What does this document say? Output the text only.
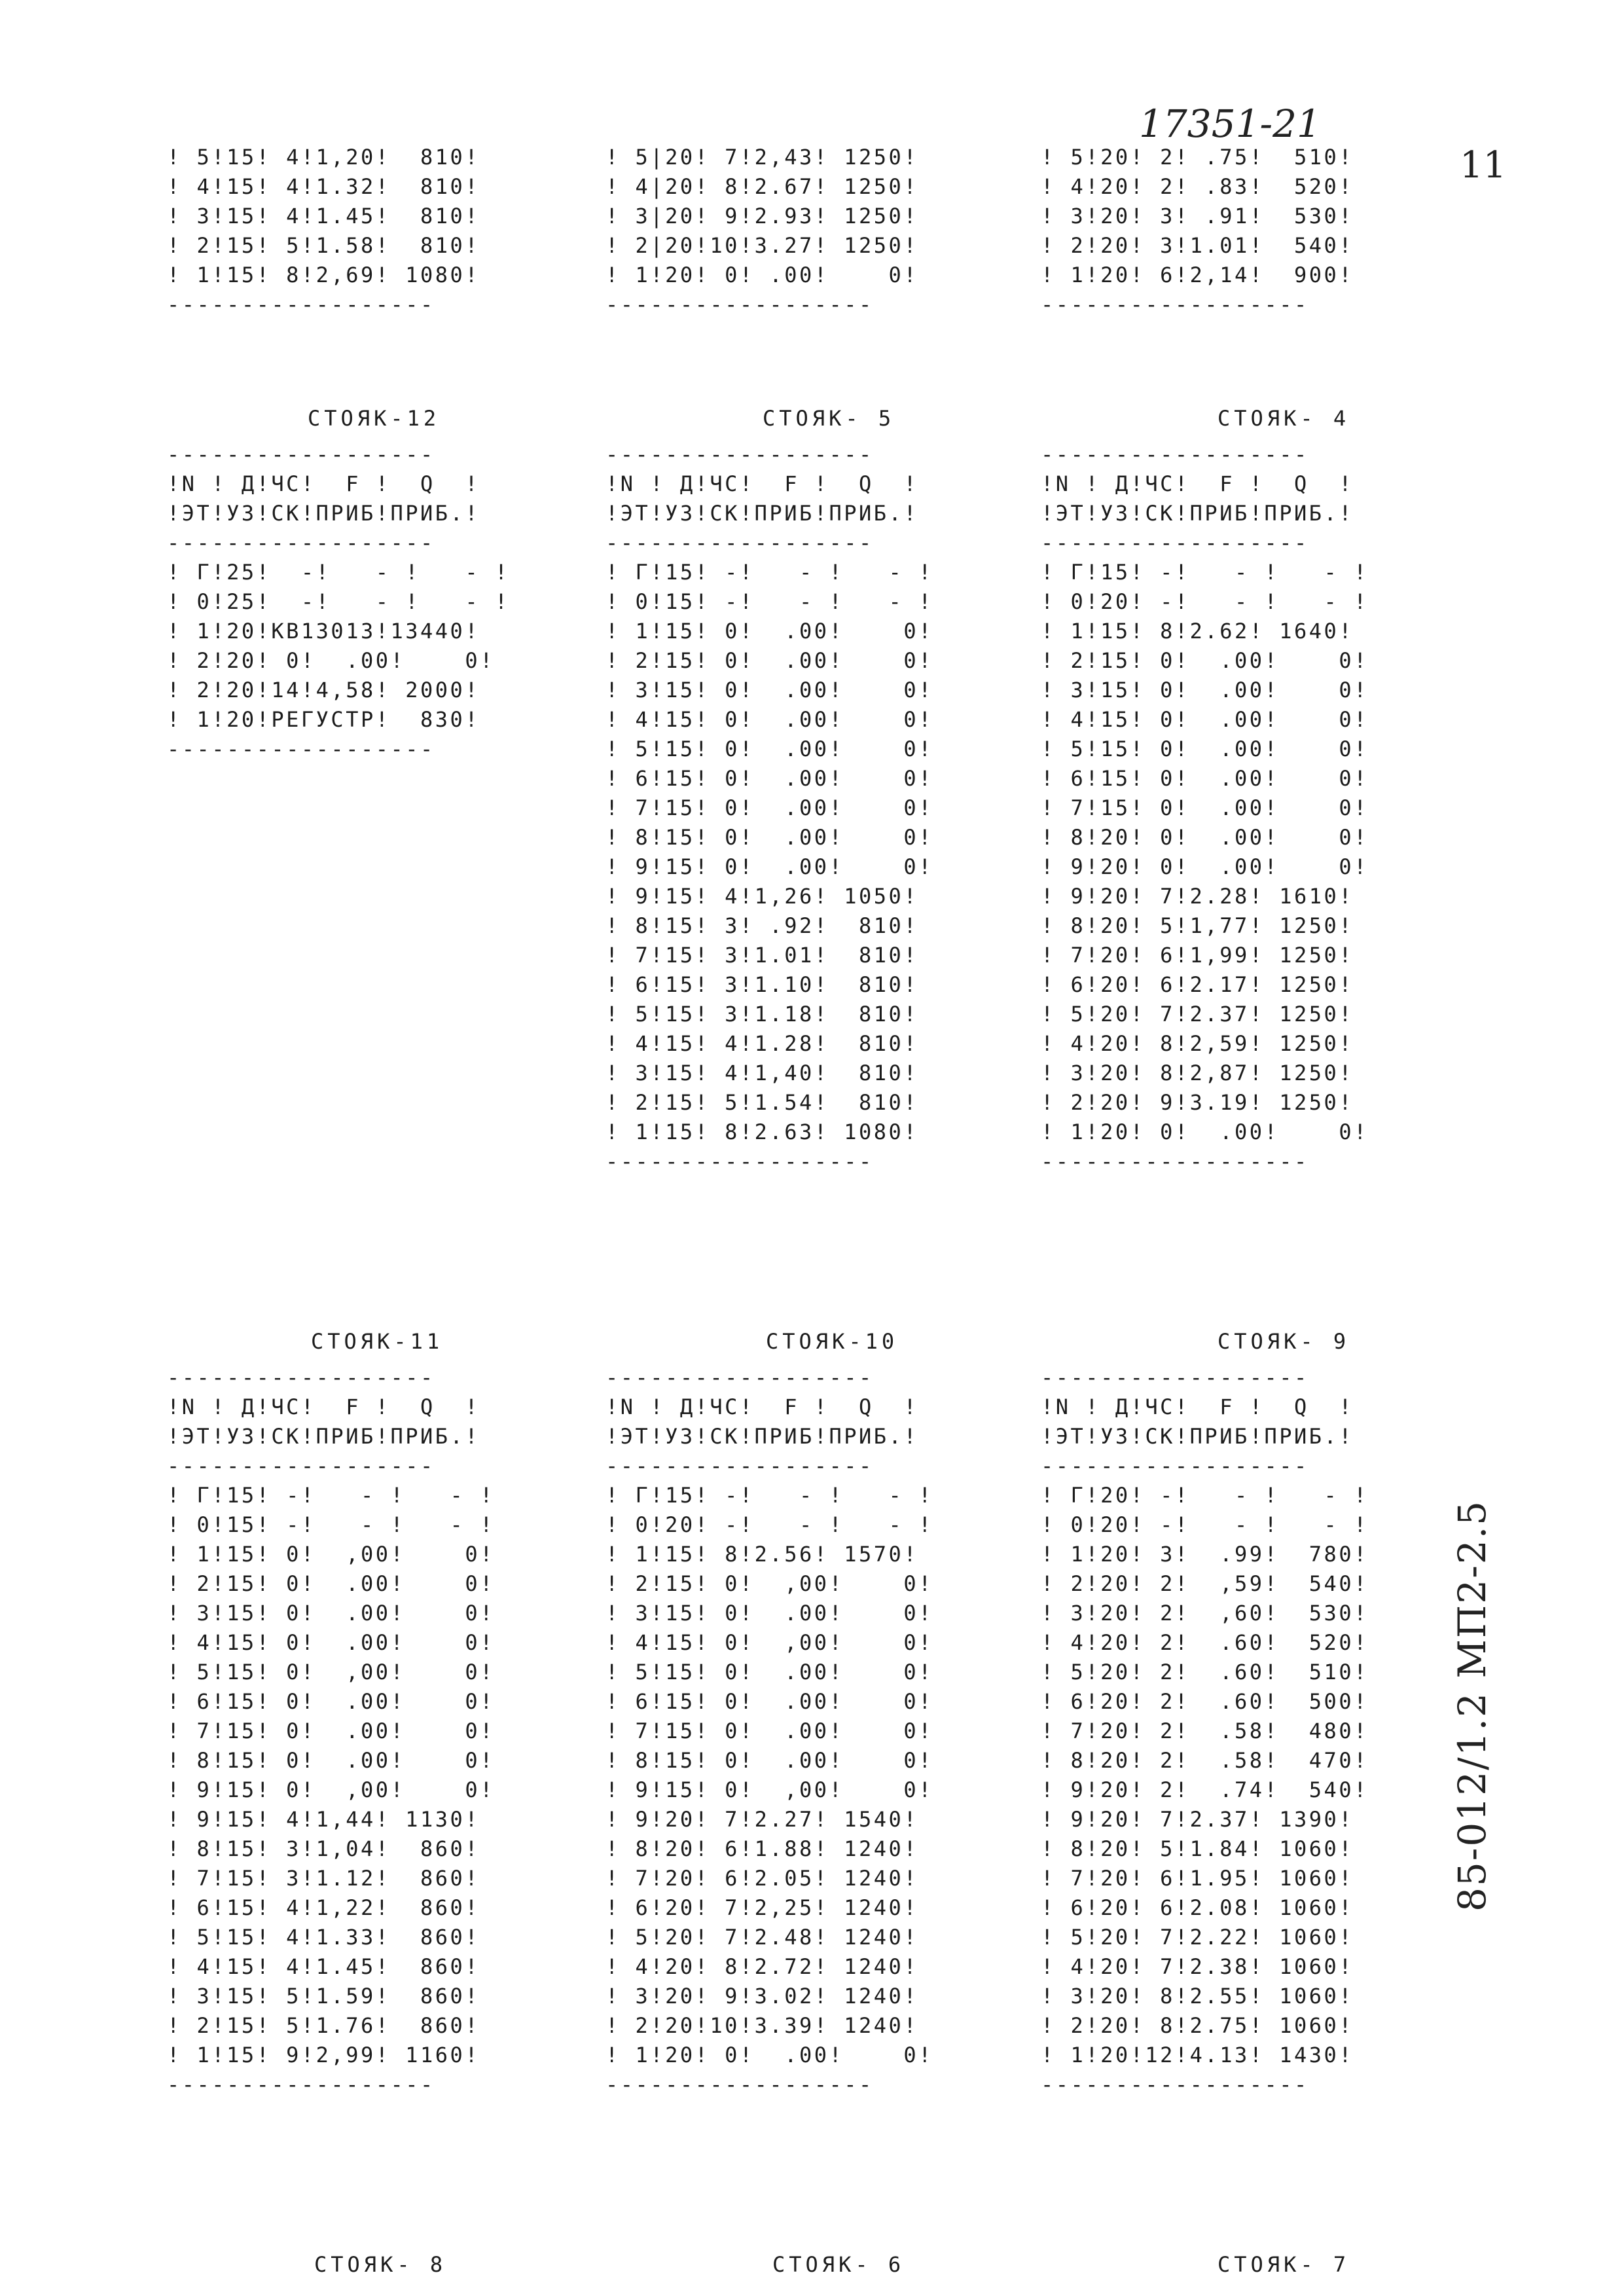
17351-21
11
85-012/1.2 МП2-2.5
! 5!15! 4!1,20!  810!
! 4!15! 4!1.32!  810!
! 3!15! 4!1.45!  810!
! 2!15! 5!1.58!  810!
! 1!15! 8!2,69! 1080!
------------------
! 5|20! 7!2,43! 1250!
! 4|20! 8!2.67! 1250!
! 3|20! 9!2.93! 1250!
! 2|20!10!3.27! 1250!
! 1!20! 0! .00!    0!
------------------
! 5!20! 2! .75!  510!
! 4!20! 2! .83!  520!
! 3!20! 3! .91!  530!
! 2!20! 3!1.01!  540!
! 1!20! 6!2,14!  900!
------------------
СТОЯК-12	СТОЯК- 5	СТОЯК- 4
------------------
!N ! Д!ЧС!  F !  Q  !
!ЭТ!УЗ!СК!ПРИБ!ПРИБ.!
------------------
! Г!25!  -!   - !   - !
! 0!25!  -!   - !   - !
! 1!20!КВ13013!13440!
! 2!20! 0!  .00!    0!
! 2!20!14!4,58! 2000!
! 1!20!РЕГУСТР!  830!
------------------
------------------
!N ! Д!ЧС!  F !  Q  !
!ЭТ!УЗ!СК!ПРИБ!ПРИБ.!
------------------
! Г!15! -!   - !   - !
! 0!15! -!   - !   - !
! 1!15! 0!  .00!    0!
! 2!15! 0!  .00!    0!
! 3!15! 0!  .00!    0!
! 4!15! 0!  .00!    0!
! 5!15! 0!  .00!    0!
! 6!15! 0!  .00!    0!
! 7!15! 0!  .00!    0!
! 8!15! 0!  .00!    0!
! 9!15! 0!  .00!    0!
! 9!15! 4!1,26! 1050!
! 8!15! 3! .92!  810!
! 7!15! 3!1.01!  810!
! 6!15! 3!1.10!  810!
! 5!15! 3!1.18!  810!
! 4!15! 4!1.28!  810!
! 3!15! 4!1,40!  810!
! 2!15! 5!1.54!  810!
! 1!15! 8!2.63! 1080!
------------------
------------------
!N ! Д!ЧС!  F !  Q  !
!ЭТ!УЗ!СК!ПРИБ!ПРИБ.!
------------------
! Г!15! -!   - !   - !
! 0!20! -!   - !   - !
! 1!15! 8!2.62! 1640!
! 2!15! 0!  .00!    0!
! 3!15! 0!  .00!    0!
! 4!15! 0!  .00!    0!
! 5!15! 0!  .00!    0!
! 6!15! 0!  .00!    0!
! 7!15! 0!  .00!    0!
! 8!20! 0!  .00!    0!
! 9!20! 0!  .00!    0!
! 9!20! 7!2.28! 1610!
! 8!20! 5!1,77! 1250!
! 7!20! 6!1,99! 1250!
! 6!20! 6!2.17! 1250!
! 5!20! 7!2.37! 1250!
! 4!20! 8!2,59! 1250!
! 3!20! 8!2,87! 1250!
! 2!20! 9!3.19! 1250!
! 1!20! 0!  .00!    0!
------------------
СТОЯК-11	СТОЯК-10	СТОЯК- 9
------------------
!N ! Д!ЧС!  F !  Q  !
!ЭТ!УЗ!СК!ПРИБ!ПРИБ.!
------------------
! Г!15! -!   - !   - !
! 0!15! -!   - !   - !
! 1!15! 0!  ,00!    0!
! 2!15! 0!  .00!    0!
! 3!15! 0!  .00!    0!
! 4!15! 0!  .00!    0!
! 5!15! 0!  ,00!    0!
! 6!15! 0!  .00!    0!
! 7!15! 0!  .00!    0!
! 8!15! 0!  .00!    0!
! 9!15! 0!  ,00!    0!
! 9!15! 4!1,44! 1130!
! 8!15! 3!1,04!  860!
! 7!15! 3!1.12!  860!
! 6!15! 4!1,22!  860!
! 5!15! 4!1.33!  860!
! 4!15! 4!1.45!  860!
! 3!15! 5!1.59!  860!
! 2!15! 5!1.76!  860!
! 1!15! 9!2,99! 1160!
------------------
------------------
!N ! Д!ЧС!  F !  Q  !
!ЭТ!УЗ!СК!ПРИБ!ПРИБ.!
------------------
! Г!15! -!   - !   - !
! 0!20! -!   - !   - !
! 1!15! 8!2.56! 1570!
! 2!15! 0!  ,00!    0!
! 3!15! 0!  .00!    0!
! 4!15! 0!  ,00!    0!
! 5!15! 0!  .00!    0!
! 6!15! 0!  .00!    0!
! 7!15! 0!  .00!    0!
! 8!15! 0!  .00!    0!
! 9!15! 0!  ,00!    0!
! 9!20! 7!2.27! 1540!
! 8!20! 6!1.88! 1240!
! 7!20! 6!2.05! 1240!
! 6!20! 7!2,25! 1240!
! 5!20! 7!2.48! 1240!
! 4!20! 8!2.72! 1240!
! 3!20! 9!3.02! 1240!
! 2!20!10!3.39! 1240!
! 1!20! 0!  .00!    0!
------------------
------------------
!N ! Д!ЧС!  F !  Q  !
!ЭТ!УЗ!СК!ПРИБ!ПРИБ.!
------------------
! Г!20! -!   - !   - !
! 0!20! -!   - !   - !
! 1!20! 3!  .99!  780!
! 2!20! 2!  ,59!  540!
! 3!20! 2!  ,60!  530!
! 4!20! 2!  .60!  520!
! 5!20! 2!  .60!  510!
! 6!20! 2!  .60!  500!
! 7!20! 2!  .58!  480!
! 8!20! 2!  .58!  470!
! 9!20! 2!  .74!  540!
! 9!20! 7!2.37! 1390!
! 8!20! 5!1.84! 1060!
! 7!20! 6!1.95! 1060!
! 6!20! 6!2.08! 1060!
! 5!20! 7!2.22! 1060!
! 4!20! 7!2.38! 1060!
! 3!20! 8!2.55! 1060!
! 2!20! 8!2.75! 1060!
! 1!20!12!4.13! 1430!
------------------
СТОЯК- 8	СТОЯК- 6	СТОЯК- 7
